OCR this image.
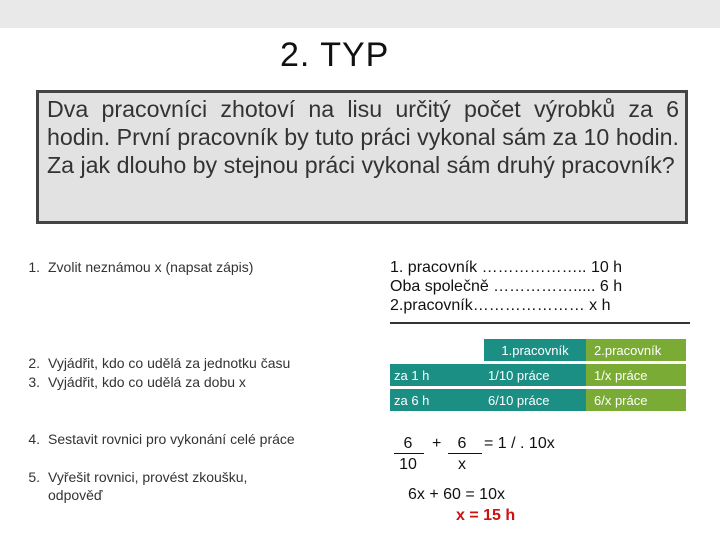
2. TYP
Dva pracovníci zhotoví na lisu určitý počet výrobků za 6 hodin. První pracovník by tuto práci vykonal sám za 10 hodin. Za jak dlouho by stejnou práci vykonal sám druhý pracovník?
1. Zvolit neznámou x (napsat zápis)
2. Vyjádřit, kdo co udělá za jednotku času
3. Vyjádřit, kdo co udělá za dobu x
4. Sestavit rovnici pro vykonání celé práce
5. Vyřešit rovnici, provést zkoušku,
odpověď
1. pracovník ……………….. 10 h
Oba společně ……………..... 6 h
2.pracovník………………… x h
	1.pracovník	2.pracovník
za 1 h	1/10 práce	1/x práce
za 6 h	6/10 práce	6/x práce
6
10
+	6
x
= 1 / . 10x
6x + 60 = 10x
x = 15 h
